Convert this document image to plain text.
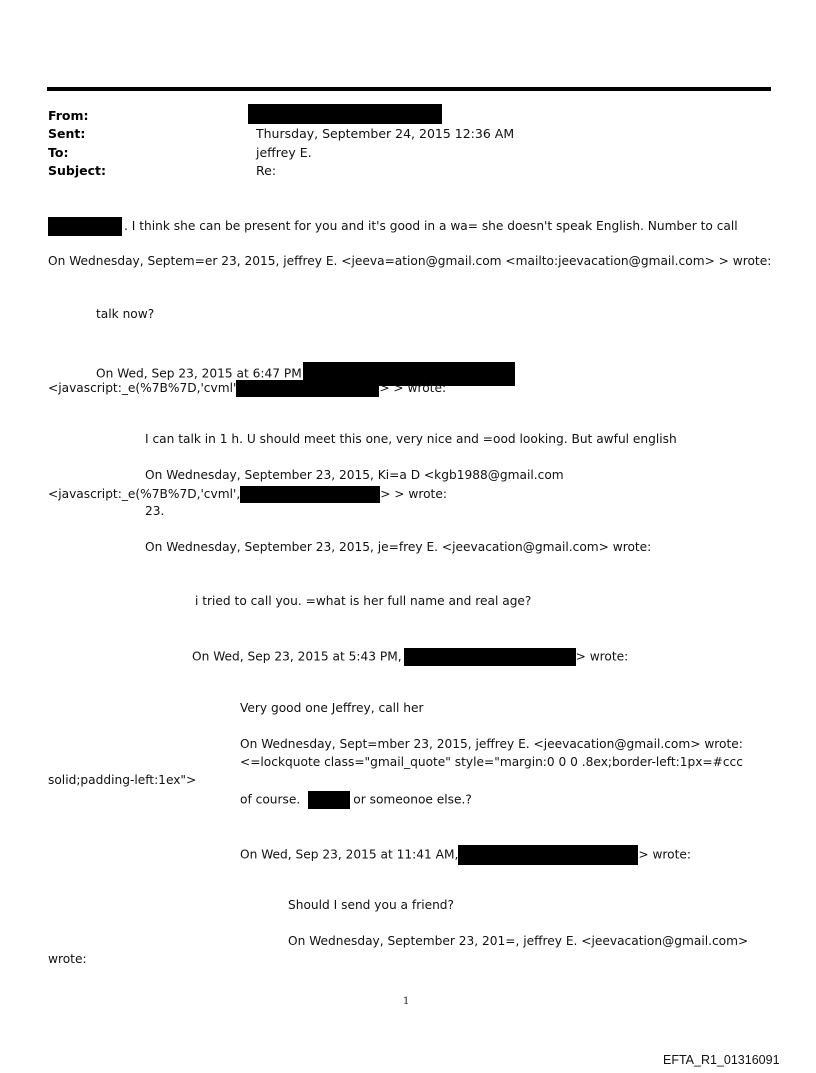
From:
Sent:	Thursday, September 24, 2015 12:36 AM
To:	jeffrey E.
Subject:	Re:
. I think she can be present for you and it's good in a wa= she doesn't speak English. Number to call
On Wednesday, Septem=er 23, 2015, jeffrey E. <jeeva=ation@gmail.com <mailto:jeevacation@gmail.com> > wrote:
talk now?
On Wed, Sep 23, 2015 at 6:47 PM
<javascript:_e(%7B%7D,'cvml'	> > wrote:
I can talk in 1 h. U should meet this one, very nice and =ood looking. But awful english
On Wednesday, September 23, 2015, Ki=a D <kgb1988@gmail.com
<javascript:_e(%7B%7D,'cvml',	> > wrote:
23.
On Wednesday, September 23, 2015, je=frey E. <jeevacation@gmail.com> wrote:
i tried to call you. =what is her full name and real age?
On Wed, Sep 23, 2015 at 5:43 PM,	> wrote:
Very good one Jeffrey, call her
On Wednesday, Sept=mber 23, 2015, jeffrey E. <jeevacation@gmail.com> wrote:
<=lockquote class="gmail_quote" style="margin:0 0 0 .8ex;border-left:1px=#ccc
solid;padding-left:1ex">
of course.	or someonoe else.?
On Wed, Sep 23, 2015 at 11:41 AM,	> wrote:
Should I send you a friend?
On Wednesday, September 23, 201=, jeffrey E. <jeevacation@gmail.com>
wrote:
1
EFTA_R1_01316091
